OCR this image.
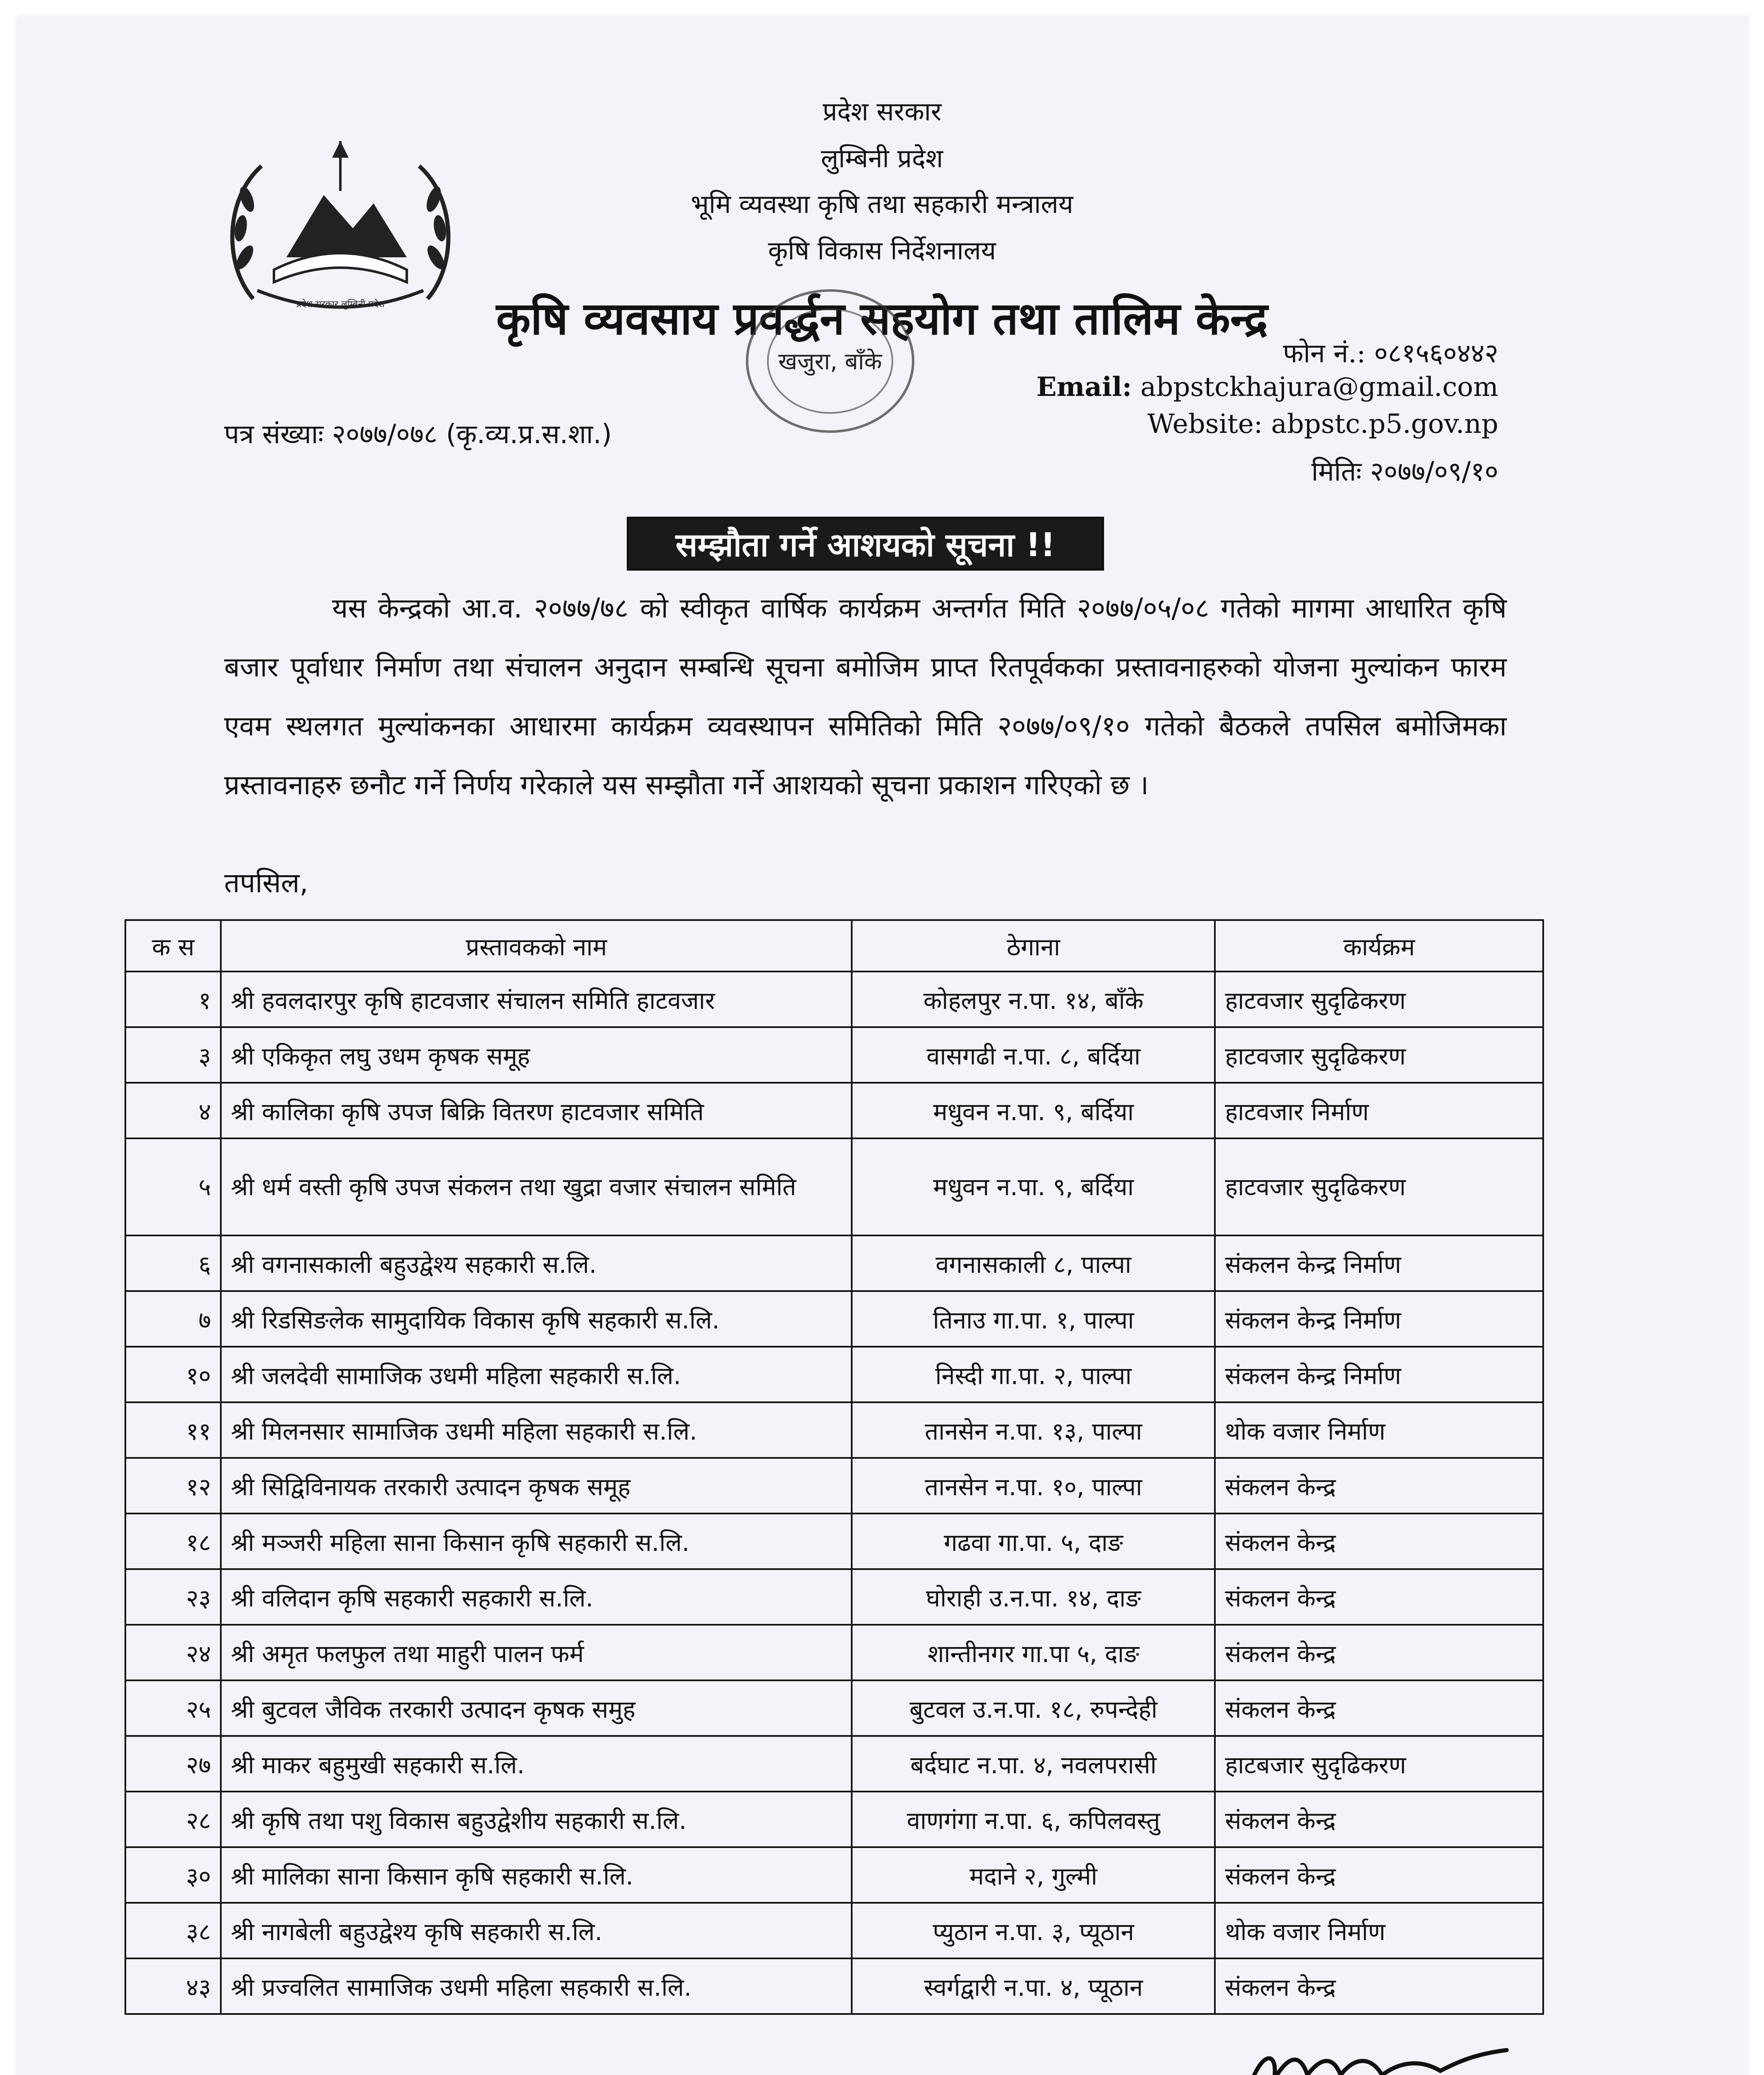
प्रदेश सरकार लुम्बिनी प्रदेश
प्रदेश सरकार
लुम्बिनी प्रदेश
भूमि व्यवस्था कृषि तथा सहकारी मन्त्रालय
कृषि विकास निर्देशनालय
कृषि व्यवसाय प्रवर्द्धन सहयोग तथा तालिम केन्द्र
खजुरा, बाँके	फोन नं.: ०८१५६०४४२
Email: abpstckhajura@gmail.com
Website: abpstc.p5.gov.np
मितिः २०७७/०९/१०
पत्र संख्याः २०७७/०७८ (कृ.व्य.प्र.स.शा.)
सम्झौता गर्ने आशयको सूचना !!
यस केन्द्रको आ.व. २०७७/७८ को स्वीकृत वार्षिक कार्यक्रम अन्तर्गत मिति २०७७/०५/०८ गतेको मागमा आधारित कृषि बजार पूर्वाधार निर्माण तथा संचालन अनुदान सम्बन्धि सूचना बमोजिम प्राप्त रितपूर्वकका प्रस्तावनाहरुको योजना मुल्यांकन फारम एवम स्थलगत मुल्यांकनका आधारमा कार्यक्रम व्यवस्थापन समितिको मिति २०७७/०९/१० गतेको बैठकले तपसिल बमोजिमका प्रस्तावनाहरु छनौट गर्ने निर्णय गरेकाले यस सम्झौता गर्ने आशयको सूचना प्रकाशन गरिएको छ ।
तपसिल,
क स	प्रस्तावकको नाम	ठेगाना	कार्यक्रम
१	श्री हवलदारपुर कृषि हाटवजार संचालन समिति हाटवजार	कोहलपुर न.पा. १४, बाँके	हाटवजार सुदृढिकरण
३	श्री एकिकृत लघु उधम कृषक समूह	वासगढी न.पा. ८, बर्दिया	हाटवजार सुदृढिकरण
४	श्री कालिका कृषि उपज बिक्रि वितरण हाटवजार समिति	मधुवन न.पा. ९, बर्दिया	हाटवजार निर्माण
५	श्री धर्म वस्ती कृषि उपज संकलन तथा खुद्रा वजार संचालन समिति	मधुवन न.पा. ९, बर्दिया	हाटवजार सुदृढिकरण
६	श्री वगनासकाली बहुउद्वेश्य सहकारी स.लि.	वगनासकाली ८, पाल्पा	संकलन केन्द्र निर्माण
७	श्री रिडसिङलेक सामुदायिक विकास कृषि सहकारी स.लि.	तिनाउ गा.पा. १, पाल्पा	संकलन केन्द्र निर्माण
१०	श्री जलदेवी सामाजिक उधमी महिला सहकारी स.लि.	निस्दी गा.पा. २, पाल्पा	संकलन केन्द्र निर्माण
११	श्री मिलनसार सामाजिक उधमी महिला सहकारी स.लि.	तानसेन न.पा. १३, पाल्पा	थोक वजार निर्माण
१२	श्री सिद्विविनायक तरकारी उत्पादन कृषक समूह	तानसेन न.पा. १०, पाल्पा	संकलन केन्द्र
१८	श्री मञ्जरी महिला साना किसान कृषि सहकारी स.लि.	गढवा गा.पा. ५, दाङ	संकलन केन्द्र
२३	श्री वलिदान कृषि सहकारी सहकारी स.लि.	घोराही उ.न.पा. १४, दाङ	संकलन केन्द्र
२४	श्री अमृत फलफुल तथा माहुरी पालन फर्म	शान्तीनगर गा.पा ५, दाङ	संकलन केन्द्र
२५	श्री बुटवल जैविक तरकारी उत्पादन कृषक समुह	बुटवल उ.न.पा. १८, रुपन्देही	संकलन केन्द्र
२७	श्री माकर बहुमुखी सहकारी स.लि.	बर्दघाट न.पा. ४, नवलपरासी	हाटबजार सुदृढिकरण
२८	श्री कृषि तथा पशु विकास बहुउद्वेशीय सहकारी स.लि.	वाणगंगा न.पा. ६, कपिलवस्तु	संकलन केन्द्र
३०	श्री मालिका साना किसान कृषि सहकारी स.लि.	मदाने २, गुल्मी	संकलन केन्द्र
३८	श्री नागबेली बहुउद्वेश्य कृषि सहकारी स.लि.	प्युठान न.पा. ३, प्यूठान	थोक वजार निर्माण
४३	श्री प्रज्वलित सामाजिक उधमी महिला सहकारी स.लि.	स्वर्गद्वारी न.पा. ४, प्यूठान	संकलन केन्द्र
